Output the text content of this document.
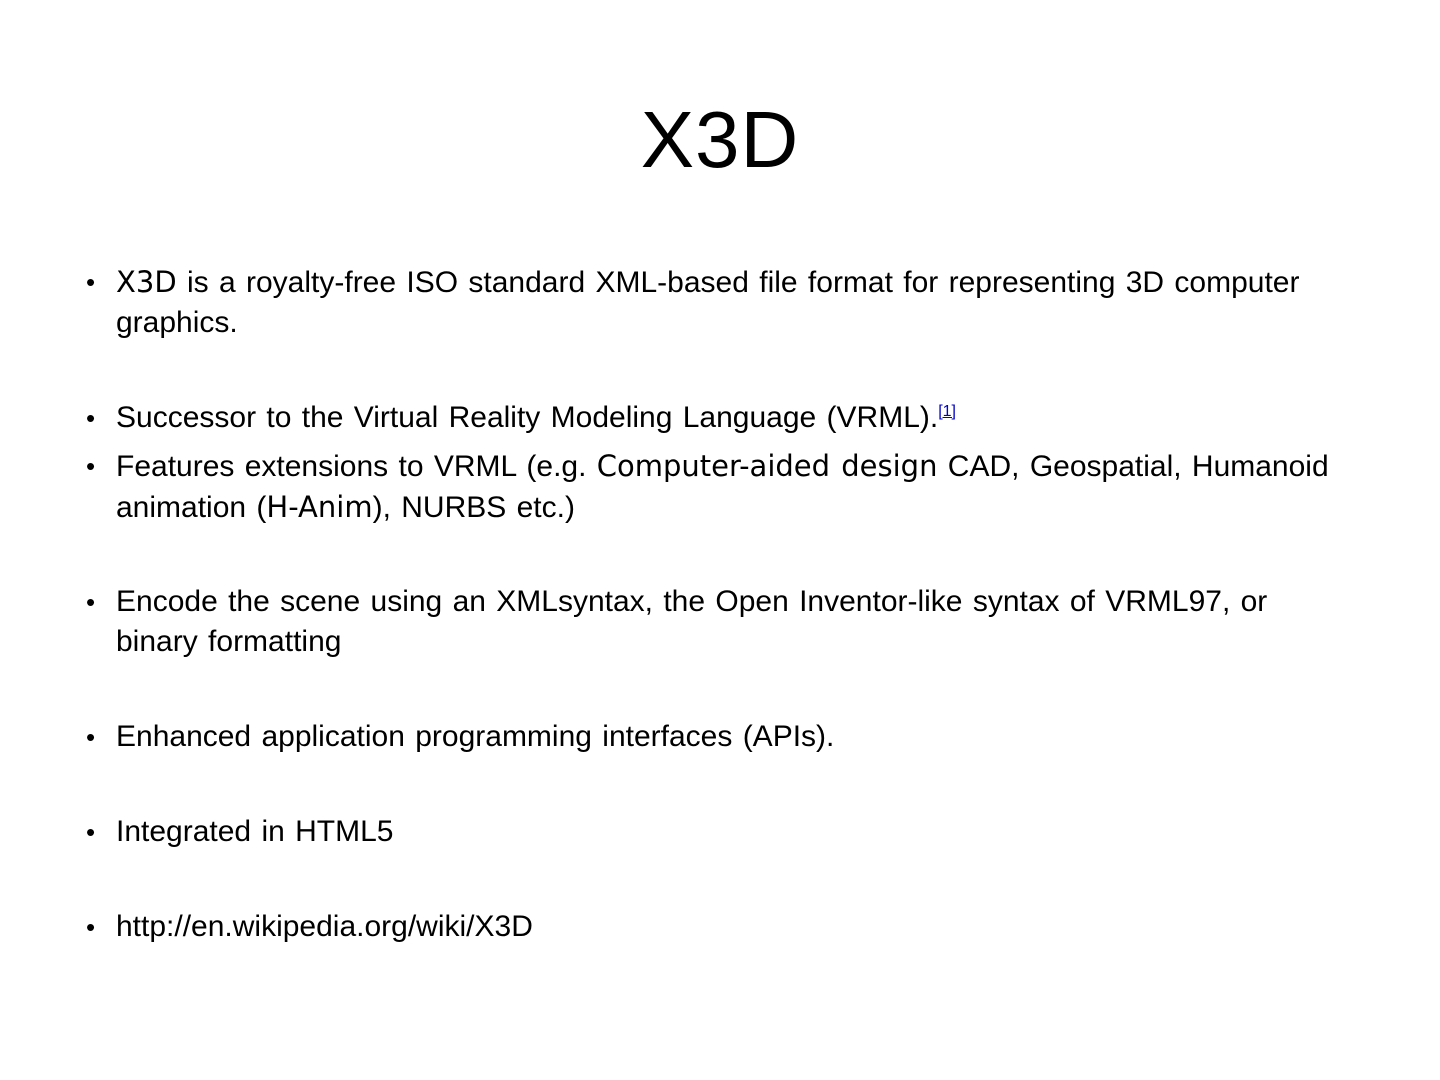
X3D
• X3D is a royalty-free ISO standard XML-based file format for representing 3D computer graphics.
• Successor to the Virtual Reality Modeling Language (VRML).[1]
• Features extensions to VRML (e.g. Computer-aided design CAD, Geospatial, Humanoid animation (H-Anim), NURBS etc.)
• Encode the scene using an XMLsyntax, the Open Inventor-like syntax of VRML97, or binary formatting
• Enhanced application programming interfaces (APIs).
• Integrated in HTML5
• http://en.wikipedia.org/wiki/X3D
